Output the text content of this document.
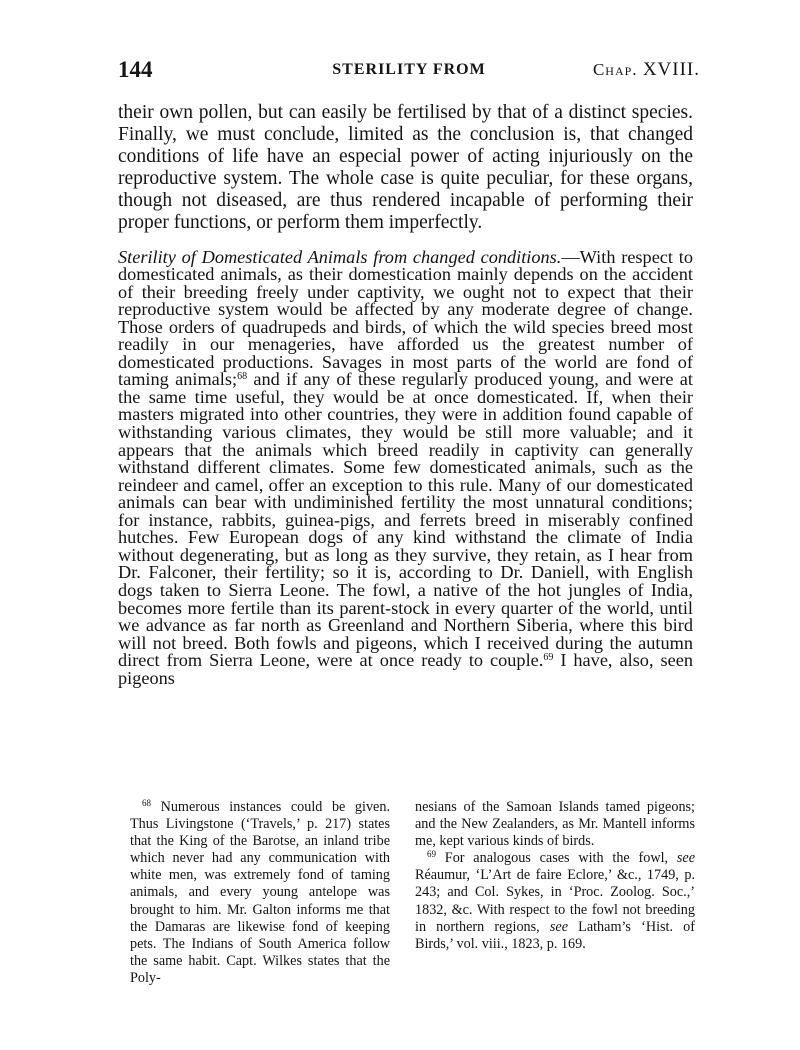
144	STERILITY FROM	Chap. XVIII.

their own pollen, but can easily be fertilised by that of a distinct species. Finally, we must conclude, limited as the conclusion is, that changed conditions of life have an especial power of acting injuriously on the reproductive system. The whole case is quite peculiar, for these organs, though not diseased, are thus rendered incapable of performing their proper functions, or perform them imperfectly.

Sterility of Domesticated Animals from changed conditions.—With respect to domesticated animals, as their domestication mainly depends on the accident of their breeding freely under captivity, we ought not to expect that their reproductive system would be affected by any moderate degree of change. Those orders of quadrupeds and birds, of which the wild species breed most readily in our menageries, have afforded us the greatest number of domesticated productions. Savages in most parts of the world are fond of taming animals;$^{68}$ and if any of these regularly produced young, and were at the same time useful, they would be at once domesticated. If, when their masters migrated into other countries, they were in addition found capable of withstanding various climates, they would be still more valuable; and it appears that the animals which breed readily in captivity can generally withstand different climates. Some few domesticated animals, such as the reindeer and camel, offer an exception to this rule. Many of our domesticated animals can bear with undiminished fertility the most unnatural conditions; for instance, rabbits, guinea-pigs, and ferrets breed in miserably confined hutches. Few European dogs of any kind withstand the climate of India without degenerating, but as long as they survive, they retain, as I hear from Dr. Falconer, their fertility; so it is, according to Dr. Daniell, with English dogs taken to Sierra Leone. The fowl, a native of the hot jungles of India, becomes more fertile than its parent-stock in every quarter of the world, until we advance as far north as Greenland and Northern Siberia, where this bird will not breed. Both fowls and pigeons, which I received during the autumn direct from Sierra Leone, were at once ready to couple.$^{69}$ I have, also, seen pigeons

$^{68}$ Numerous instances could be given. Thus Livingstone (‘Travels,’ p. 217) states that the King of the Barotse, an inland tribe which never had any communication with white men, was extremely fond of taming animals, and every young antelope was brought to him. Mr. Galton informs me that the Damaras are likewise fond of keeping pets. The Indians of South America follow the same habit. Capt. Wilkes states that the Poly-

nesians of the Samoan Islands tamed pigeons; and the New Zealanders, as Mr. Mantell informs me, kept various kinds of birds.

$^{69}$ For analogous cases with the fowl, see Réaumur, ‘L’Art de faire Eclore,’ &c., 1749, p. 243; and Col. Sykes, in ‘Proc. Zoolog. Soc.,’ 1832, &c. With respect to the fowl not breeding in northern regions, see Latham’s ‘Hist. of Birds,’ vol. viii., 1823, p. 169.
